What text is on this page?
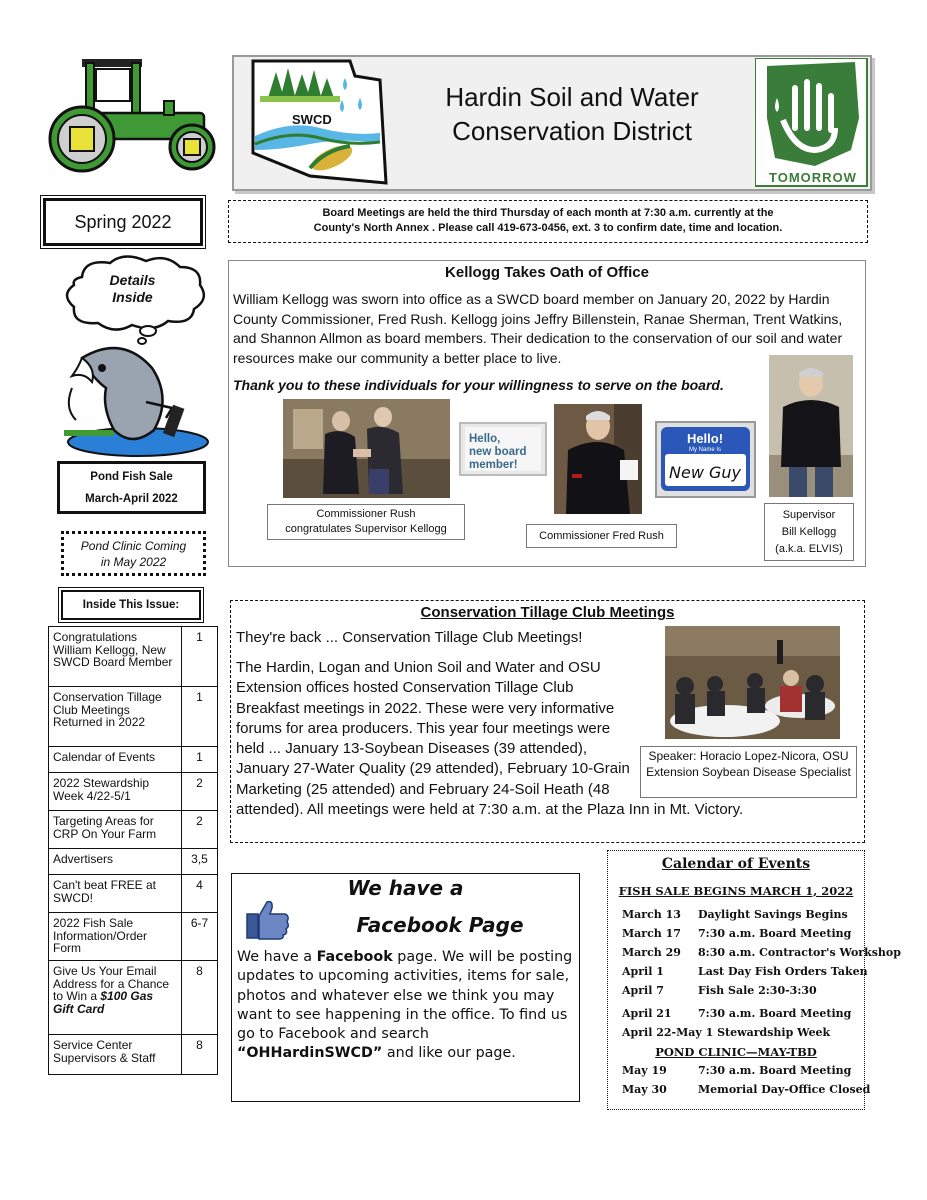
SWCD
Hardin Soil and Water
Conservation District
TOMORROW
Spring 2022
Details
Inside
Pond Fish Sale
March-April 2022
Pond Clinic Coming
in May 2022
Inside This Issue:
Congratulations William Kellogg, New SWCD Board Member	1
Conservation Tillage Club Meetings Returned in 2022	1
Calendar of Events	1
2022 Stewardship Week 4/22-5/1	2
Targeting Areas for CRP On Your Farm	2
Advertisers	3,5
Can't beat FREE at SWCD!	4
2022 Fish Sale Information/Order Form	6-7
Give Us Your Email Address for a Chance to Win a $100 Gas Gift Card	8
Service Center Supervisors & Staff	8
Board Meetings are held the third Thursday of each month at 7:30 a.m. currently at the
County's North Annex . Please call 419-673-0456, ext. 3 to confirm date, time and location.
Kellogg Takes Oath of Office
William Kellogg was sworn into office as a SWCD board member on January 20, 2022 by Hardin County Commissioner, Fred Rush. Kellogg joins Jeffry Billenstein, Ranae Sherman, Trent Watkins, and Shannon Allmon as board members. Their dedication to the conservation of our soil and water resources make our community a better place to live.
Thank you to these individuals for your willingness to serve on the board.
Hello,
new board
member!
Hello!
My Name Is
New Guy
Commissioner Rush
congratulates Supervisor Kellogg
Commissioner Fred Rush
Supervisor
Bill Kellogg
(a.k.a. ELVIS)
Conservation Tillage Club Meetings
They're back ... Conservation Tillage Club Meetings!
The Hardin, Logan and Union Soil and Water and OSU Extension offices hosted Conservation Tillage Club Breakfast meetings in 2022. These were very informative forums for area producers. This year four meetings were held ... January 13-Soybean Diseases (39 attended), January 27-Water Quality (29 attended), February 10-Grain Marketing (25 attended) and February 24-Soil Heath (48 attended). All meetings were held at 7:30 a.m. at the Plaza Inn in Mt. Victory.
Speaker: Horacio Lopez-Nicora, OSU Extension Soybean Disease Specialist
We have a
Facebook Page
We have a Facebook page. We will be posting updates to upcoming activities, items for sale, photos and whatever else we think you may want to see happening in the office. To find us go to Facebook and search “OHHardinSWCD” and like our page.
Calendar of Events
FISH SALE BEGINS MARCH 1, 2022
March 13 Daylight Savings Begins
March 17 7:30 a.m. Board Meeting
March 29 8:30 a.m. Contractor's Workshop
April 1	Last Day Fish Orders Taken
April 7	Fish Sale 2:30-3:30
April 21 7:30 a.m. Board Meeting
April 22-May 1 Stewardship Week
POND CLINIC—MAY-TBD
May 19	7:30 a.m. Board Meeting
May 30	Memorial Day-Office Closed
